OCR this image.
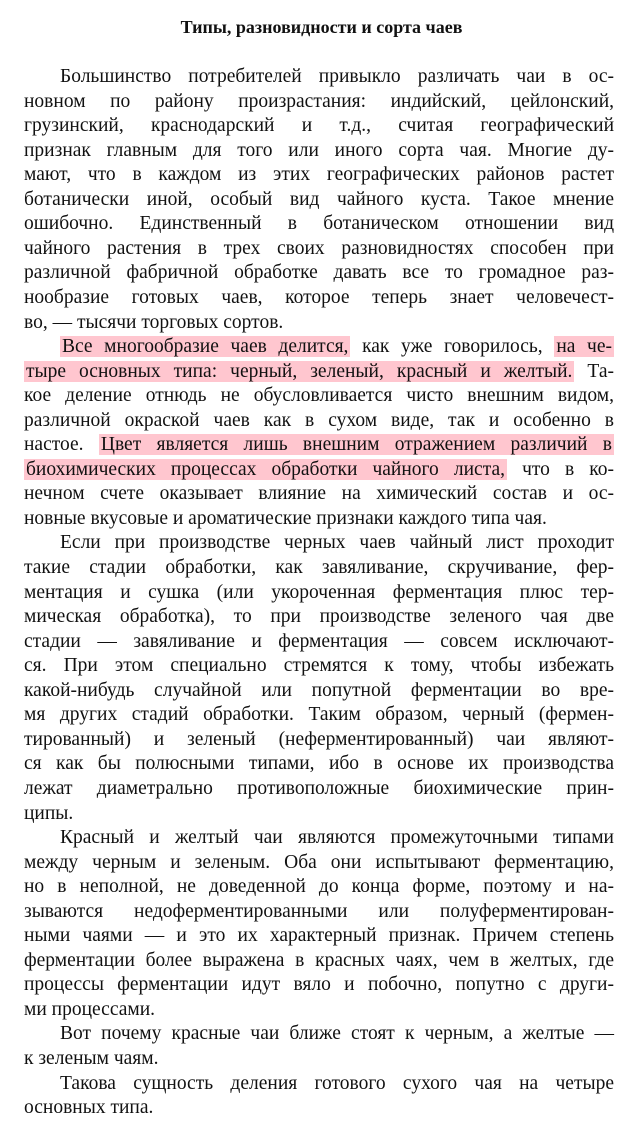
Типы, разновидности и сорта чаев
Большинство потребителей привыкло различать чаи в ос-
новном по району произрастания: индийский, цейлонский,
грузинский, краснодарский и т.д., считая географический
признак главным для того или иного сорта чая. Многие ду-
мают, что в каждом из этих географических районов растет
ботанически иной, особый вид чайного куста. Такое мнение
ошибочно. Единственный в ботаническом отношении вид
чайного растения в трех своих разновидностях способен при
различной фабричной обработке давать все то громадное раз-
нообразие готовых чаев, которое теперь знает человечест-
во, — тысячи торговых сортов.
Все многообразие чаев делится, как уже говорилось, на че-
тыре основных типа: черный, зеленый, красный и желтый. Та-
кое деление отнюдь не обусловливается чисто внешним видом,
различной окраской чаев как в сухом виде, так и особенно в
настое. Цвет является лишь внешним отражением различий в
биохимических процессах обработки чайного листа, что в ко-
нечном счете оказывает влияние на химический состав и ос-
новные вкусовые и ароматические признаки каждого типа чая.
Если при производстве черных чаев чайный лист проходит
такие стадии обработки, как завяливание, скручивание, фер-
ментация и сушка (или укороченная ферментация плюс тер-
мическая обработка), то при производстве зеленого чая две
стадии — завяливание и ферментация — совсем исключают-
ся. При этом специально стремятся к тому, чтобы избежать
какой-нибудь случайной или попутной ферментации во вре-
мя других стадий обработки. Таким образом, черный (фермен-
тированный) и зеленый (неферментированный) чаи являют-
ся как бы полюсными типами, ибо в основе их производства
лежат диаметрально противоположные биохимические прин-
ципы.
Красный и желтый чаи являются промежуточными типами
между черным и зеленым. Оба они испытывают ферментацию,
но в неполной, не доведенной до конца форме, поэтому и на-
зываются недоферментированными или полуферментирован-
ными чаями — и это их характерный признак. Причем степень
ферментации более выражена в красных чаях, чем в желтых, где
процессы ферментации идут вяло и побочно, попутно с други-
ми процессами.
Вот почему красные чаи ближе стоят к черным, а желтые —
к зеленым чаям.
Такова сущность деления готового сухого чая на четыре
основных типа.
